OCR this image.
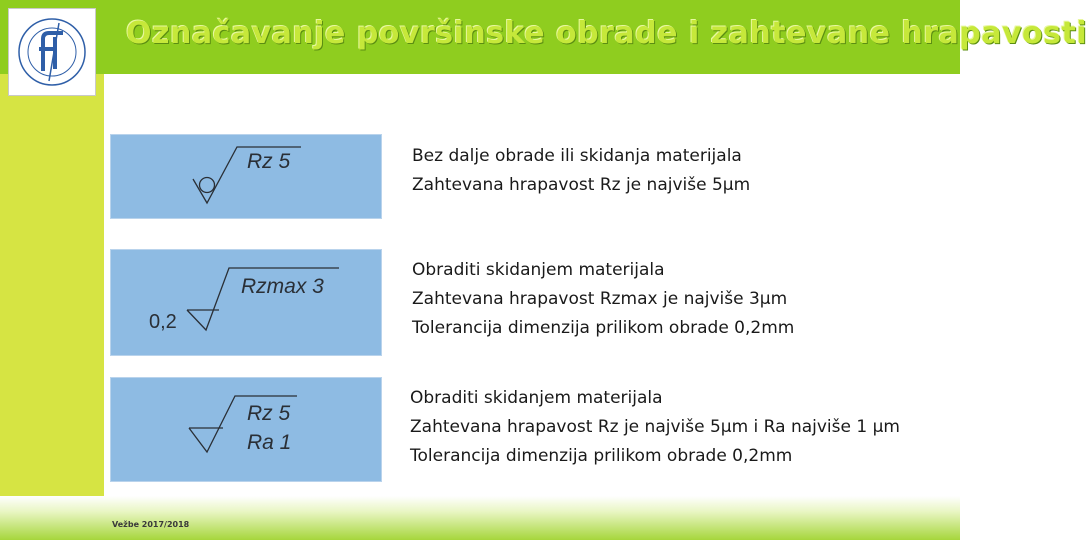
Označavanje površinske obrade i zahtevane hrapavosti
Rz 5
Rzmax 3
0,2
Rz 5
Ra 1
Bez dalje obrade ili skidanja materijala
Zahtevana hrapavost Rz je najviše 5µm
Obraditi skidanjem materijala
Zahtevana hrapavost Rzmax je najviše 3µm
Tolerancija dimenzija prilikom obrade 0,2mm
Obraditi skidanjem materijala
Zahtevana hrapavost Rz je najviše 5µm i Ra najviše 1 µm
Tolerancija dimenzija prilikom obrade 0,2mm
Vežbe 2017/2018
